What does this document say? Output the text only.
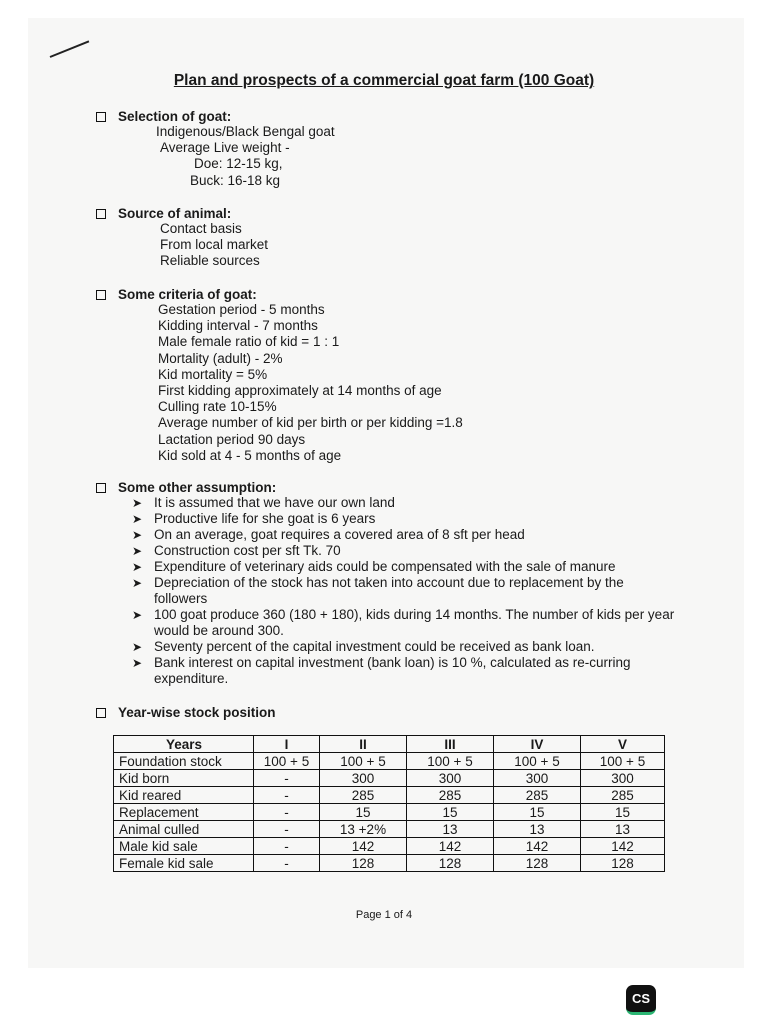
Plan and prospects of a commercial goat farm (100 Goat)
Selection of goat:
Indigenous/Black Bengal goat
Average Live weight -
Doe: 12-15 kg,
Buck: 16-18 kg
Source of animal:
Contact basis
From local market
Reliable sources
Some criteria of goat:
Gestation period - 5 months
Kidding interval - 7 months
Male female ratio of kid = 1 : 1
Mortality (adult) - 2%
Kid mortality = 5%
First kidding approximately at 14 months of age
Culling rate 10-15%
Average number of kid per birth or per kidding =1.8
Lactation period 90 days
Kid sold at 4 - 5 months of age
Some other assumption:
➤ It is assumed that we have our own land
➤ Productive life for she goat is 6 years
➤ On an average, goat requires a covered area of 8 sft per head
➤ Construction cost per sft Tk. 70
➤ Expenditure of veterinary aids could be compensated with the sale of manure
➤ Depreciation of the stock has not taken into account due to replacement by the followers
➤ 100 goat produce 360 (180 + 180), kids during 14 months. The number of kids per year would be around 300.
➤ Seventy percent of the capital investment could be received as bank loan.
➤ Bank interest on capital investment (bank loan) is 10 %, calculated as re-curring expenditure.
Year-wise stock position
Years	I	II	III	IV	V
Foundation stock	100 + 5	100 + 5	100 + 5	100 + 5	100 + 5
Kid born	-	300	300	300	300
Kid reared	-	285	285	285	285
Replacement	-	15	15	15	15
Animal culled	-	13 +2%	13	13	13
Male kid sale	-	142	142	142	142
Female kid sale	-	128	128	128	128
Page 1 of 4
CS
